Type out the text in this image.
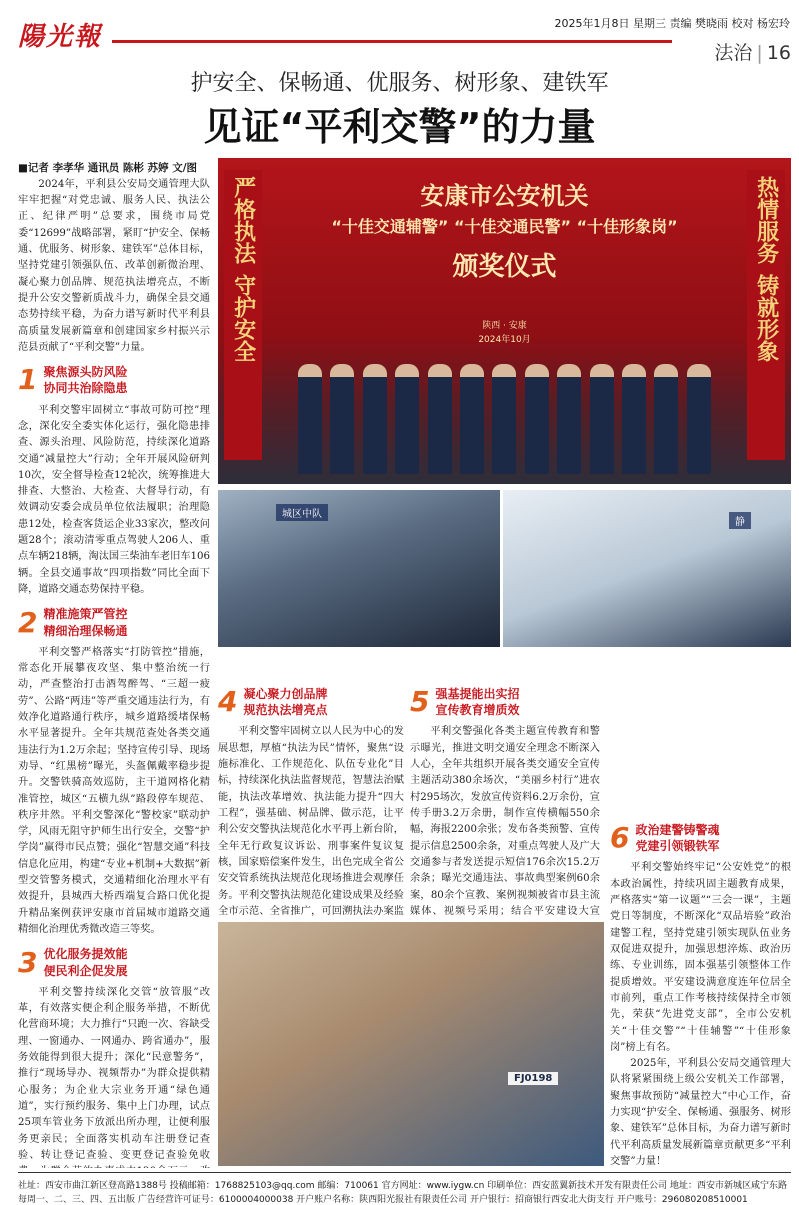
陽光報	2025年1月8日 星期三 责编 樊晓雨 校对 杨宏玲
法治 | 16
护安全、保畅通、优服务、树形象、建铁军
见证“平利交警”的力量
■记者 李孝华 通讯员 陈彬 苏婷 文/图

2024年，平利县公安局交通管理大队牢牢把握“对党忠诚、服务人民、执法公正、纪律严明”总要求，围绕市局党委“12699”战略部署，紧盯“护安全、保畅通、优服务、树形象、建铁军”总体目标，坚持党建引领强队伍、改革创新微治理、凝心聚力创品牌、规范执法增亮点，不断提升公安交警新质战斗力，确保全县交通态势持续平稳，为奋力谱写新时代平利县高质量发展新篇章和创建国家乡村振兴示范县贡献了“平利交警”力量。

1 聚焦源头防风险
协同共治除隐患

平利交警牢固树立“事故可防可控”理念，深化安全委实体化运行，强化隐患排查、源头治理、风险防范，持续深化道路交通“减量控大”行动；全年开展风险研判10次，安全督导检查12轮次，统筹推进大排查、大整治、大检查、大督导行动，有效调动安委会成员单位依法履职；治理隐患12处，检查客货运企业33家次，整改问题28个；滚动清零重点驾驶人206人、重点车辆218辆，淘汰国三柴油车老旧车106辆。全县交通事故“四项指数”同比全面下降，道路交通态势保持平稳。

2 精准施策严管控
精细治理保畅通

平利交警严格落实“打防管控”措施，常态化开展攀夜攻坚、集中整治统一行动，严查整治打击酒驾醉驾、“三超一疲劳”、公路“两违”等严重交通违法行为，有效净化道路通行秩序，城乡道路缓堵保畅水平显著提升。全年共规范查处各类交通违法行为1.2万余起；坚持宣传引导、现场劝导、“红黑榜”曝光，头盔佩戴率稳步提升。交警铁骑高效巡防，主干道网格化精准管控，城区“五横九纵”路段停车规范、秩序井然。平利交警深化“警校家”联动护学，风雨无阻守护师生出行安全，交警“护学岗”赢得市民点赞；强化“智慧交通”科技信息化应用，构建“专业+机制+大数据”新型交管警务模式，交通精细化治理水平有效提升，县城西大桥西端复合路口优化提升精品案例获评安康市首届城市道路交通精细化治理优秀微改造三等奖。

3 优化服务提效能
便民利企促发展

平利交警持续深化交管“放管服”改革，有效落实便企利企服务举措，不断优化营商环境；大力推行“只跑一次、容缺受理、一窗通办、一网通办、跨省通办”，服务效能得到很大提升；深化“民意警务”，推行“现场导办、视频帮办”为群众提供精心服务；为企业大宗业务开通“绿色通道”，实行预约服务、集中上门办理，试点25项车管业务下放派出所办理，让便利服务更亲民；全面落实机动车注册登记查验、转让登记查验、变更登记查验免收

严格执法
守护安全
热情服务
铸就形象
安康市公安机关
“十佳交通辅警” “十佳交通民警” “十佳形象岗”
颁奖仪式
陕西 · 安康
2024年10月
城区中队
静
4 凝心聚力创品牌
规范执法增亮点

平利交警牢固树立以人民为中心的发展思想，厚植“执法为民”情怀，聚焦“设施标准化、工作规范化、队伍专业化”目标，持续深化执法监督规范，智慧法治赋能，执法改革增效、执法能力提升“四大工程”，强基础、树品牌、做示范，让平利公安交警执法规范化水平再上新台阶，全年无行政复议诉讼、刑事案件复议复核，国家赔偿案件发生，出色完成全省公安交管系统执法规范化现场推进会观摩任务。平利交警执法规范化建设成果及经验全市示范、全省推广，可回溯执法办案监

5 强基提能出实招
宣传教育增质效

平利交警强化各类主题宣传教育和警示曝光，推进文明交通安全理念不断深入人心，全年共组织开展各类交通安全宣传主题活动380余场次，“美丽乡村行”进农村295场次，发放宣传资料6.2万余份，宣传手册3.2万余册，制作宣传横幅550余幅，海报2200余张；发布各类预警、宣传提示信息2500余条，对重点驾驶人及广大交通参与者发送提示短信176余次15.2万余条；曝光交通违法、事故典型案例60余案，80余个宣教、案例视频被省市县主流媒体、视频号采用；结合平安建设大宣

FJ0198
6 政治建警铸警魂
党建引领锻铁军

平利交警始终牢记“公安姓党”的根本政治属性，持续巩固主题教育成果，严格落实“第一议题”“三会一课”，主题党日等制度，不断深化“双品培验”政治建警工程，坚持党建引领实现队伍业务双促进双提升，加强思想淬炼、政治历练、专业训练，固本强基引领整体工作提质增效。平安建设满意度连年位居全市前列，重点工作考核持续保持全市领先，荣获“先进党支部”，全市公安机关“十佳交警”“十佳辅警”“十佳形象岗”榜上有名。

2025年，平利县公安局交通管理大队将紧紧围绕上级公安机关工作部署，聚焦事故预防“减量控大”中心工作，奋力实现“护安全、保畅通、强服务、树形象、建铁军”总体目标，为奋力谱写新时代平利高质量发展新篇章贡献更多“平利交警”力量！

社址：西安市曲江新区登高路1388号 投稿邮箱：1768825103@qq.com 邮编：710061 官方网址：www.iygw.cn 印刷单位：西安蓝翼新技术开发有限责任公司 地址：西安市新城区咸宁东路
每周一、二、三、四、五出版 广告经营许可证号：6100004000038 开户账户名称：陕西阳光报社有限责任公司 开户银行：招商银行西安北大街支行 开户账号：296080208510001
